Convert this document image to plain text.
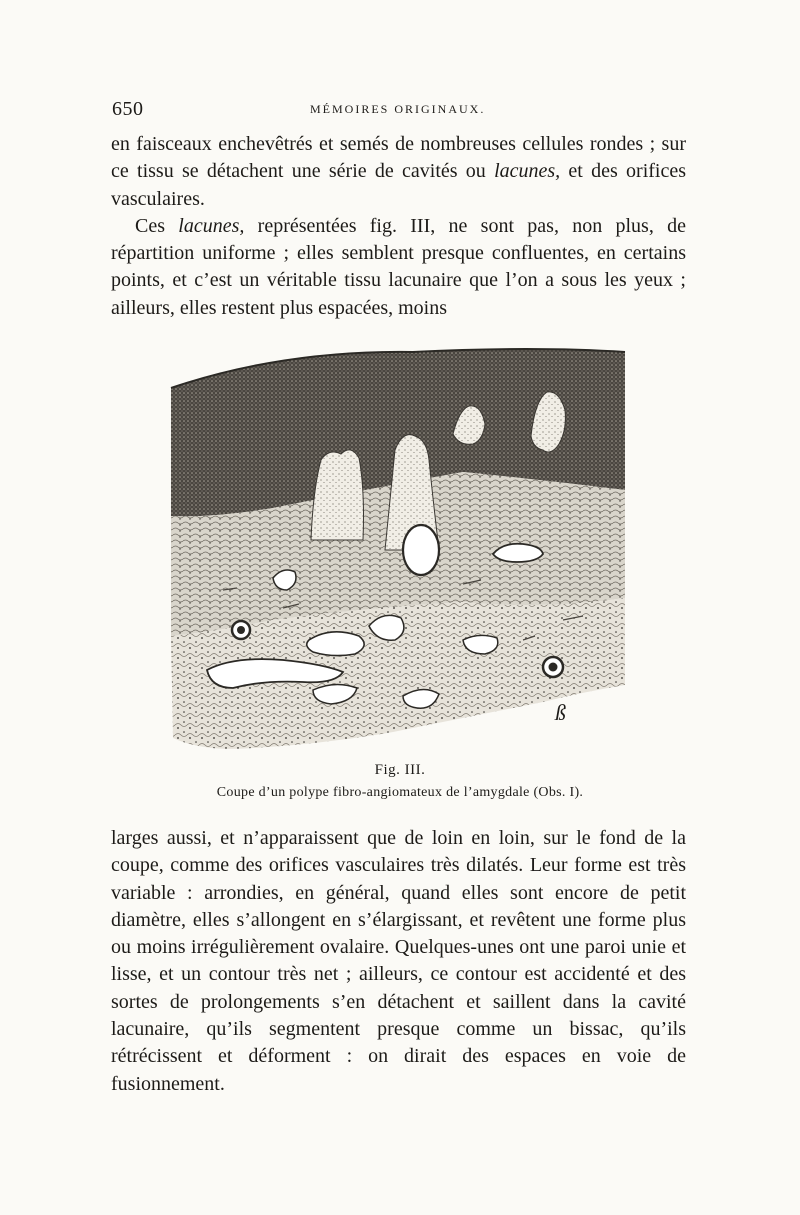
650	MÉMOIRES ORIGINAUX.

en faisceaux enchevêtrés et semés de nombreuses cellules rondes ; sur ce tissu se détachent une série de cavités ou lacunes, et des orifices vasculaires.

Ces lacunes, représentées fig. III, ne sont pas, non plus, de répartition uniforme ; elles semblent presque confluentes, en certains points, et c’est un véritable tissu lacunaire que l’on a sous les yeux ; ailleurs, elles restent plus espacées, moins

ß
Fig. III.
Coupe d’un polype fibro-angiomateux de l’amygdale (Obs. I).

larges aussi, et n’apparaissent que de loin en loin, sur le fond de la coupe, comme des orifices vasculaires très dilatés. Leur forme est très variable : arrondies, en général, quand elles sont encore de petit diamètre, elles s’allongent en s’élargissant, et revêtent une forme plus ou moins irrégulièrement ovalaire. Quelques-unes ont une paroi unie et lisse, et un contour très net ; ailleurs, ce contour est accidenté et des sortes de prolongements s’en détachent et saillent dans la cavité lacunaire, qu’ils segmentent presque comme un bissac, qu’ils rétrécissent et déforment : on dirait des espaces en voie de fusionnement.
